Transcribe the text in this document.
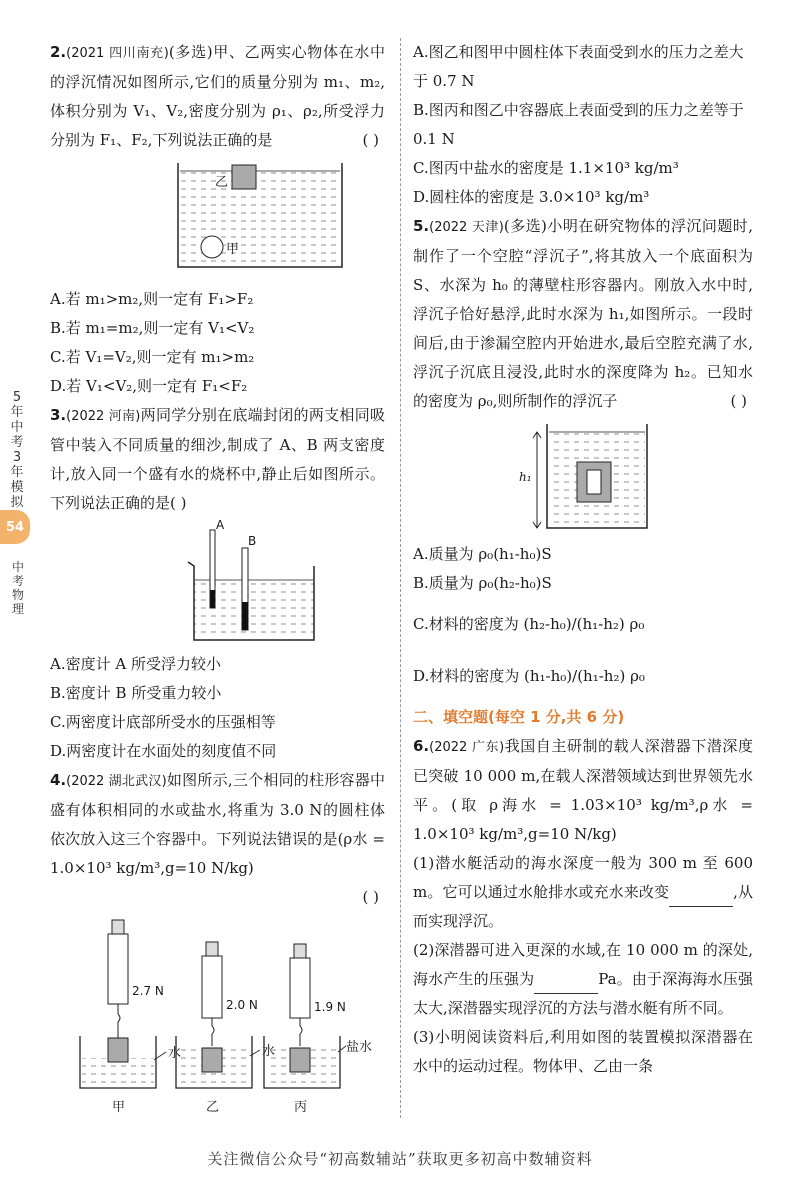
5
年
中
考
3
年
模
拟
54
中
考
物
理

2.(2021 四川南充)(多选)甲、乙两实心物体在水中的浮沉情况如图所示,它们的质量分别为 m₁、m₂,体积分别为 V₁、V₂,密度分别为 ρ₁、ρ₂,所受浮力分别为 F₁、F₂,下列说法正确的是	( )

乙
甲

A.若 m₁>m₂,则一定有 F₁>F₂

B.若 m₁=m₂,则一定有 V₁<V₂

C.若 V₁=V₂,则一定有 m₁>m₂

D.若 V₁<V₂,则一定有 F₁<F₂

3.(2022 河南)两同学分别在底端封闭的两支相同吸管中装入不同质量的细沙,制成了 A、B 两支密度计,放入同一个盛有水的烧杯中,静止后如图所示。下列说法正确的是( )

A
B

A.密度计 A 所受浮力较小

B.密度计 B 所受重力较小

C.两密度计底部所受水的压强相等

D.两密度计在水面处的刻度值不同

4.(2022 湖北武汉)如图所示,三个相同的柱形容器中盛有体积相同的水或盐水,将重为 3.0 N的圆柱体依次放入这三个容器中。下列说法错误的是(ρ水 = 1.0×10³ kg/m³,g=10 N/kg)

( )

2.7 N
2.0 N	1.9 N
水	水	盐水
甲	乙	丙

A.图乙和图甲中圆柱体下表面受到水的压力之差大于 0.7 N

B.图丙和图乙中容器底上表面受到的压力之差等于 0.1 N

C.图丙中盐水的密度是 1.1×10³ kg/m³

D.圆柱体的密度是 3.0×10³ kg/m³

5.(2022 天津)(多选)小明在研究物体的浮沉问题时,制作了一个空腔“浮沉子”,将其放入一个底面积为 S、水深为 h₀ 的薄壁柱形容器内。刚放入水中时,浮沉子恰好悬浮,此时水深为 h₁,如图所示。一段时间后,由于渗漏空腔内开始进水,最后空腔充满了水,浮沉子沉底且浸没,此时水的深度降为 h₂。已知水的密度为 ρ₀,则所制作的浮沉子	( )

h₁

A.质量为 ρ₀(h₁-h₀)S

B.质量为 ρ₀(h₂-h₀)S

C.材料的密度为 (h₂-h₀)/(h₁-h₂) ρ₀

D.材料的密度为 (h₁-h₀)/(h₁-h₂) ρ₀

二、填空题(每空 1 分,共 6 分)

6.(2022 广东)我国自主研制的载人深潜器下潜深度已突破 10 000 m,在载人深潜领域达到世界领先水平。(取 ρ海水 = 1.03×10³ kg/m³,ρ水 = 1.0×10³ kg/m³,g=10 N/kg)

(1)潜水艇活动的海水深度一般为 300 m 至 600 m。它可以通过水舱排水或充水来改变	,从而实现浮沉。

(2)深潜器可进入更深的水域,在 10 000 m 的深处,海水产生的压强为	Pa。由于深海海水压强太大,深潜器实现浮沉的方法与潜水艇有所不同。

(3)小明阅读资料后,利用如图的装置模拟深潜器在水中的运动过程。物体甲、乙由一条

关注微信公众号“初高数辅站”获取更多初高中数辅资料
